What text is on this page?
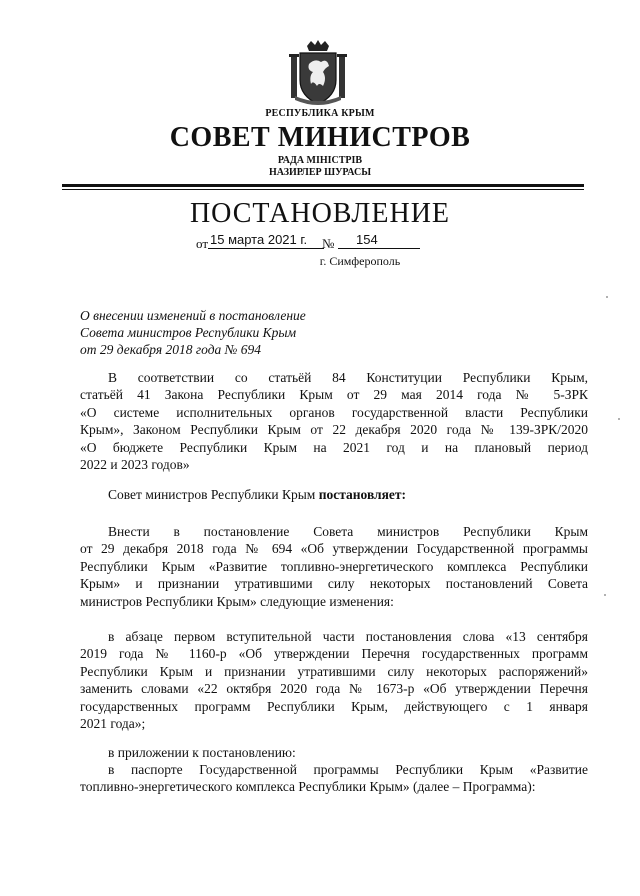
РЕСПУБЛИКА КРЫМ
СОВЕТ МИНИСТРОВ
РАДА МІНІСТРІВ
НАЗИРЛЕР ШУРАСЫ
ПОСТАНОВЛЕНИЕ
от 15 марта 2021 г. № 154
г. Симферополь
О внесении изменений в постановление
Совета министров Республики Крым
от 29 декабря 2018 года № 694
В соответствии со статьёй 84 Конституции Республики Крым,
статьёй 41 Закона Республики Крым от 29 мая 2014 года № 5-ЗРК
«О системе исполнительных органов государственной власти Республики
Крым», Законом Республики Крым от 22 декабря 2020 года № 139-ЗРК/2020
«О бюджете Республики Крым на 2021 год и на плановый период
2022 и 2023 годов»
Совет министров Республики Крым постановляет:
Внести в постановление Совета министров Республики Крым
от 29 декабря 2018 года № 694 «Об утверждении Государственной программы
Республики Крым «Развитие топливно-энергетического комплекса Республики
Крым» и признании утратившими силу некоторых постановлений Совета
министров Республики Крым» следующие изменения:
в абзаце первом вступительной части постановления слова «13 сентября
2019 года № 1160-р «Об утверждении Перечня государственных программ
Республики Крым и признании утратившими силу некоторых распоряжений»
заменить словами «22 октября 2020 года № 1673-р «Об утверждении Перечня
государственных программ Республики Крым, действующего с 1 января
2021 года»;
в приложении к постановлению:
в паспорте Государственной программы Республики Крым «Развитие
топливно-энергетического комплекса Республики Крым» (далее – Программа):
